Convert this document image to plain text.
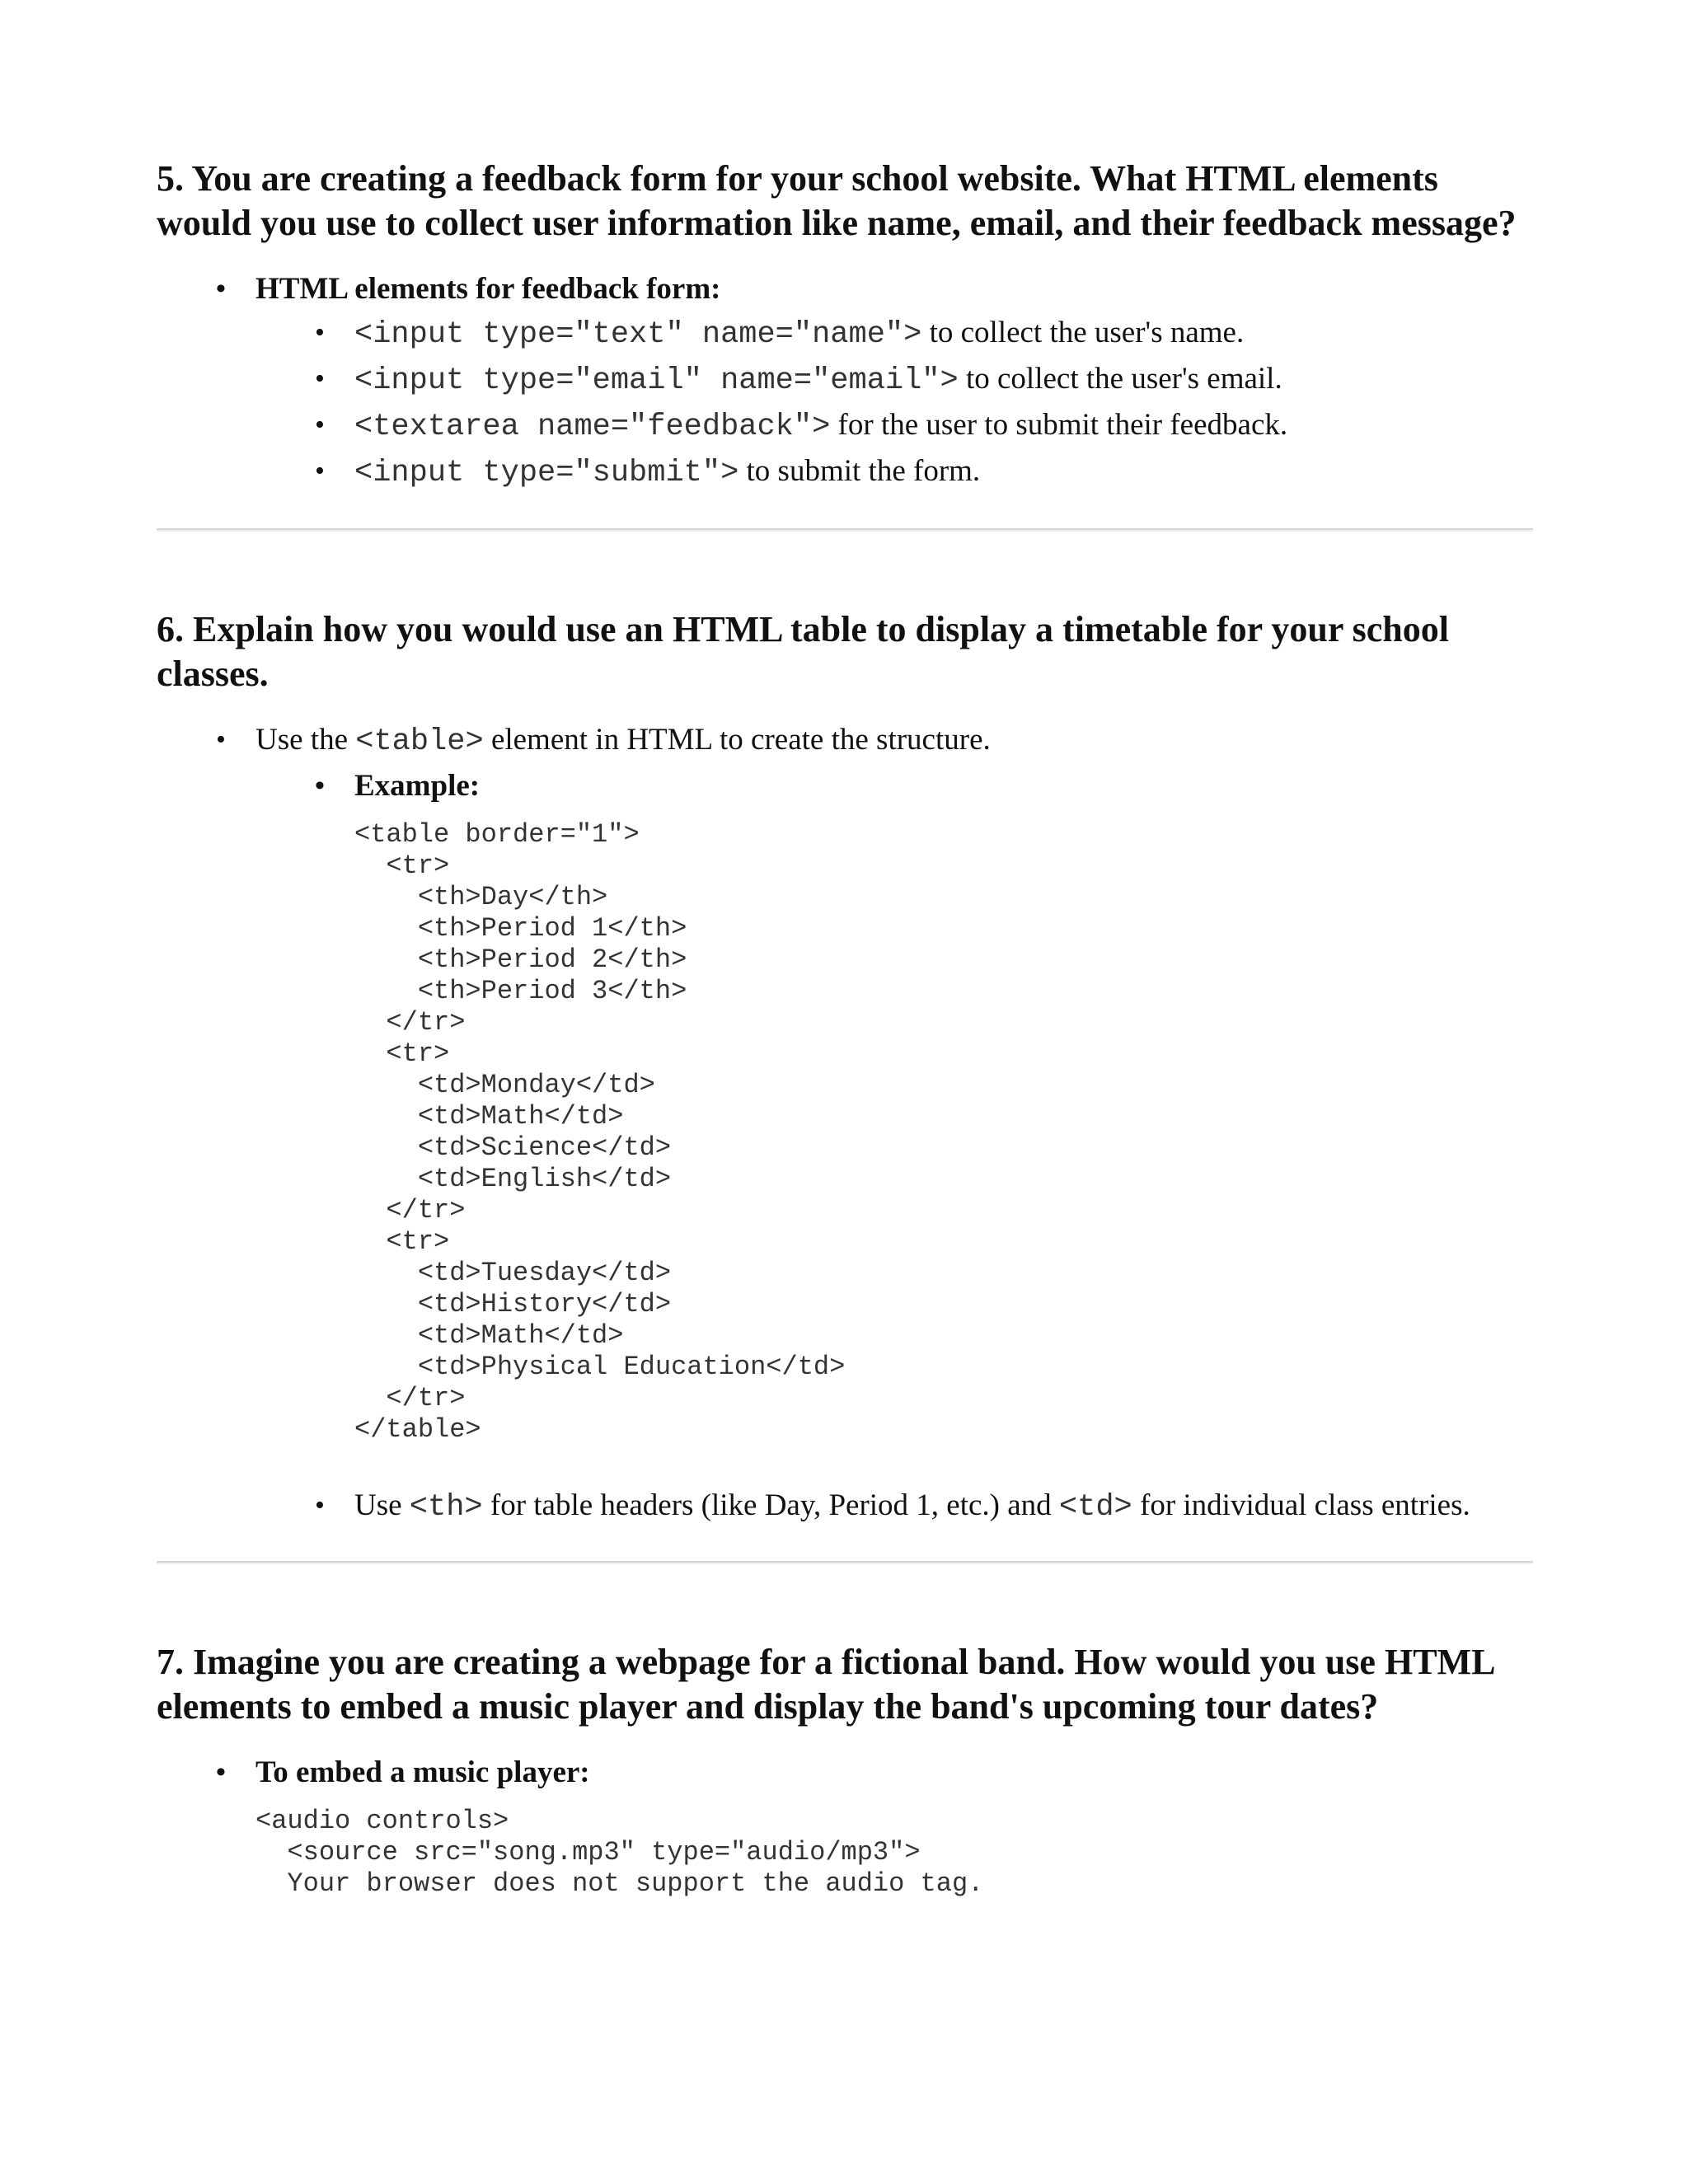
5. You are creating a feedback form for your school website. What HTML elements would you use to collect user information like name, email, and their feedback message?
• HTML elements for feedback form:
• <input type="text" name="name"> to collect the user's name.
• <input type="email" name="email"> to collect the user's email.
• <textarea name="feedback"> for the user to submit their feedback.
• <input type="submit"> to submit the form.
6. Explain how you would use an HTML table to display a timetable for your school classes.
• Use the <table> element in HTML to create the structure.
• Example:
<table border="1">
<tr>
<th>Day</th>
<th>Period 1</th>
<th>Period 2</th>
<th>Period 3</th>
</tr>
<tr>
<td>Monday</td>
<td>Math</td>
<td>Science</td>
<td>English</td>
</tr>
<tr>
<td>Tuesday</td>
<td>History</td>
<td>Math</td>
<td>Physical Education</td>
</tr>
</table>
• Use <th> for table headers (like Day, Period 1, etc.) and <td> for individual class entries.
7. Imagine you are creating a webpage for a fictional band. How would you use HTML elements to embed a music player and display the band's upcoming tour dates?
• To embed a music player:
<audio controls>
<source src="song.mp3" type="audio/mp3">
Your browser does not support the audio tag.
